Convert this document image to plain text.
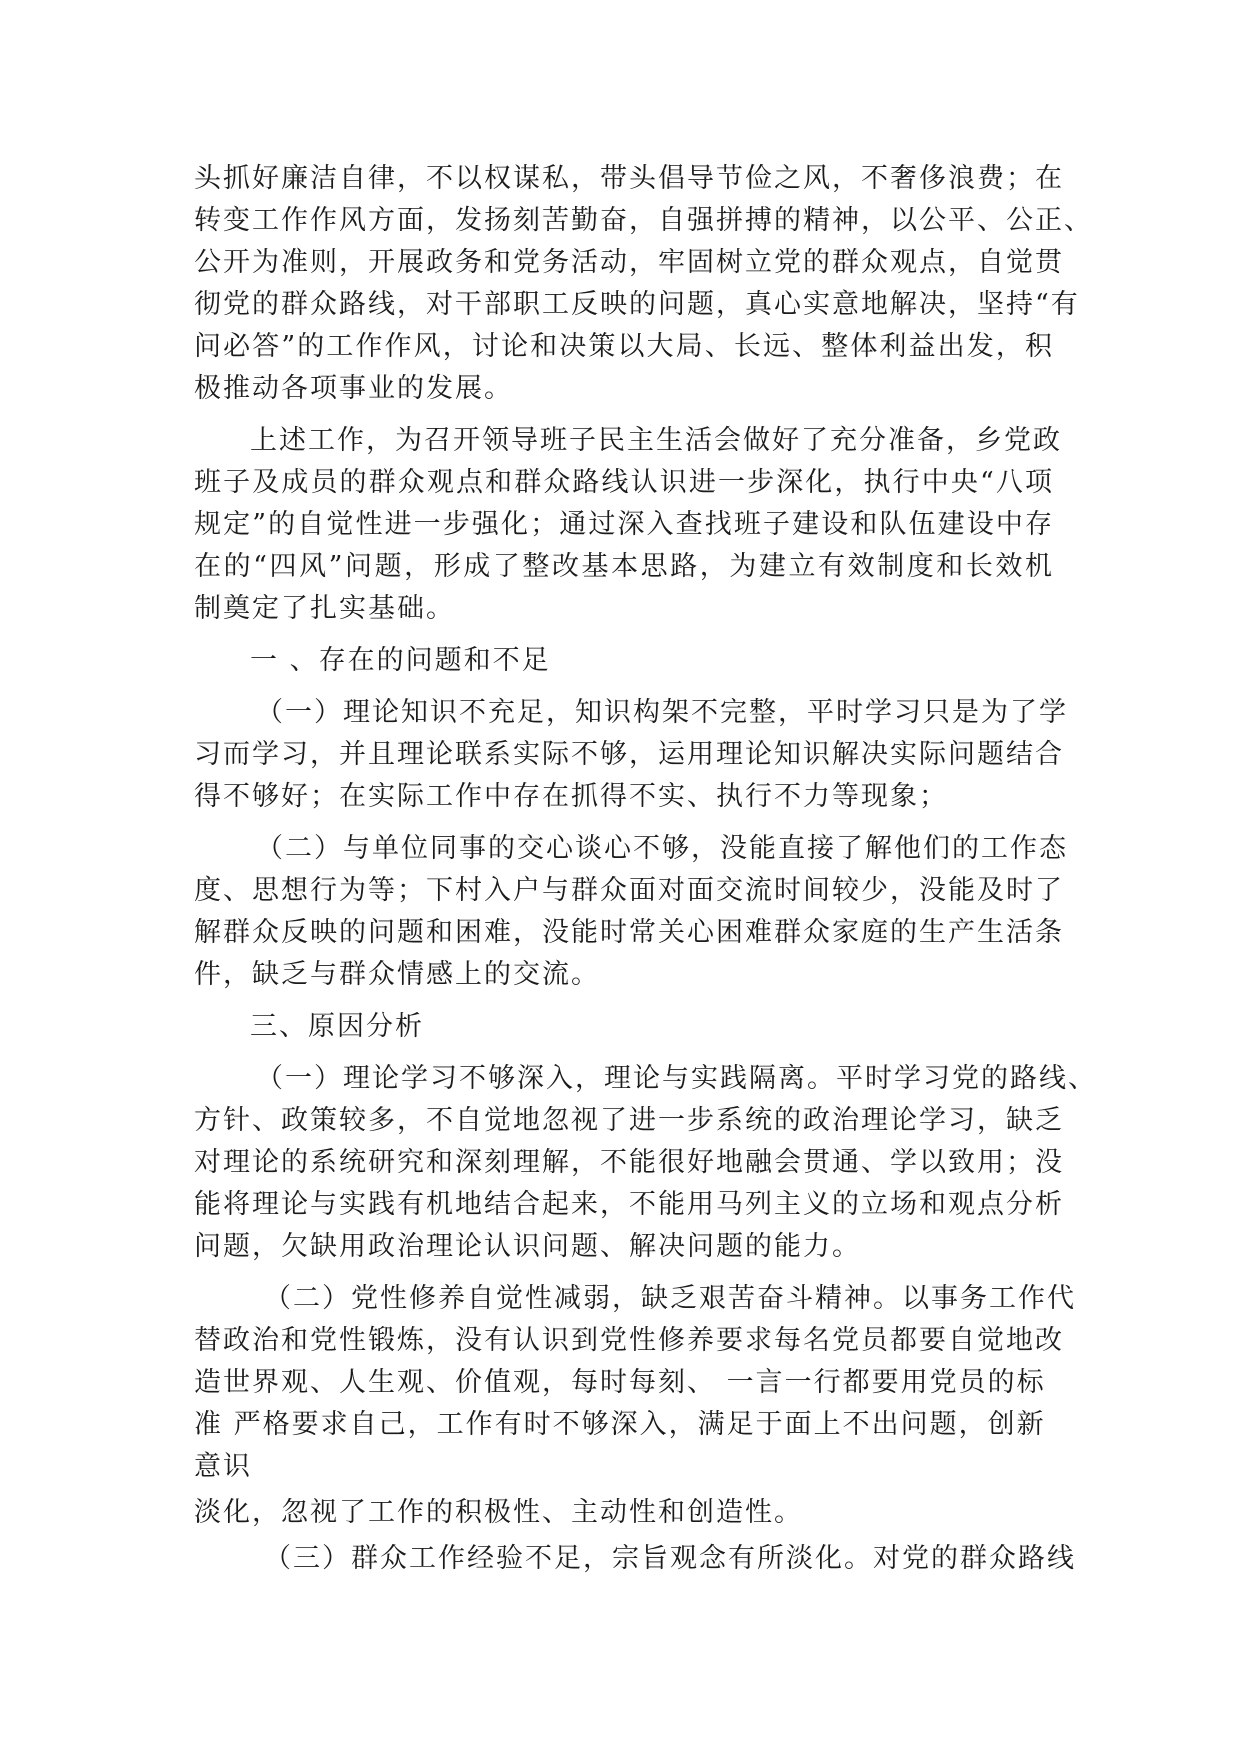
头抓好廉洁自律，不以权谋私，带头倡导节俭之风，不奢侈浪费；在
转变工作作风方面，发扬刻苦勤奋，自强拼搏的精神，以公平、公正、
公开为准则，开展政务和党务活动，牢固树立党的群众观点，自觉贯
彻党的群众路线，对干部职工反映的问题，真心实意地解决，坚持“有
问必答”的工作作风，讨论和决策以大局、长远、整体利益出发，积
极推动各项事业的发展。
上述工作，为召开领导班子民主生活会做好了充分准备，乡党政
班子及成员的群众观点和群众路线认识进一步深化，执行中央“八项
规定”的自觉性进一步强化；通过深入查找班子建设和队伍建设中存
在的“四风”问题，形成了整改基本思路，为建立有效制度和长效机
制奠定了扎实基础。
一 、存在的问题和不足
（一）理论知识不充足，知识构架不完整，平时学习只是为了学
习而学习，并且理论联系实际不够，运用理论知识解决实际问题结合
得不够好；在实际工作中存在抓得不实、执行不力等现象；
（二）与单位同事的交心谈心不够，没能直接了解他们的工作态
度、思想行为等；下村入户与群众面对面交流时间较少，没能及时了
解群众反映的问题和困难，没能时常关心困难群众家庭的生产生活条
件，缺乏与群众情感上的交流。
三、原因分析
（一）理论学习不够深入，理论与实践隔离。平时学习党的路线、
方针、政策较多，不自觉地忽视了进一步系统的政治理论学习，缺乏
对理论的系统研究和深刻理解，不能很好地融会贯通、学以致用；没
能将理论与实践有机地结合起来，不能用马列主义的立场和观点分析
问题，欠缺用政治理论认识问题、解决问题的能力。
（二）党性修养自觉性减弱，缺乏艰苦奋斗精神。以事务工作代
替政治和党性锻炼，没有认识到党性修养要求每名党员都要自觉地改
造世界观、人生观、价值观，每时每刻、 一言一行都要用党员的标
准 严格要求自己，工作有时不够深入，满足于面上不出问题，创新
意识
淡化，忽视了工作的积极性、主动性和创造性。
（三）群众工作经验不足，宗旨观念有所淡化。对党的群众路线
